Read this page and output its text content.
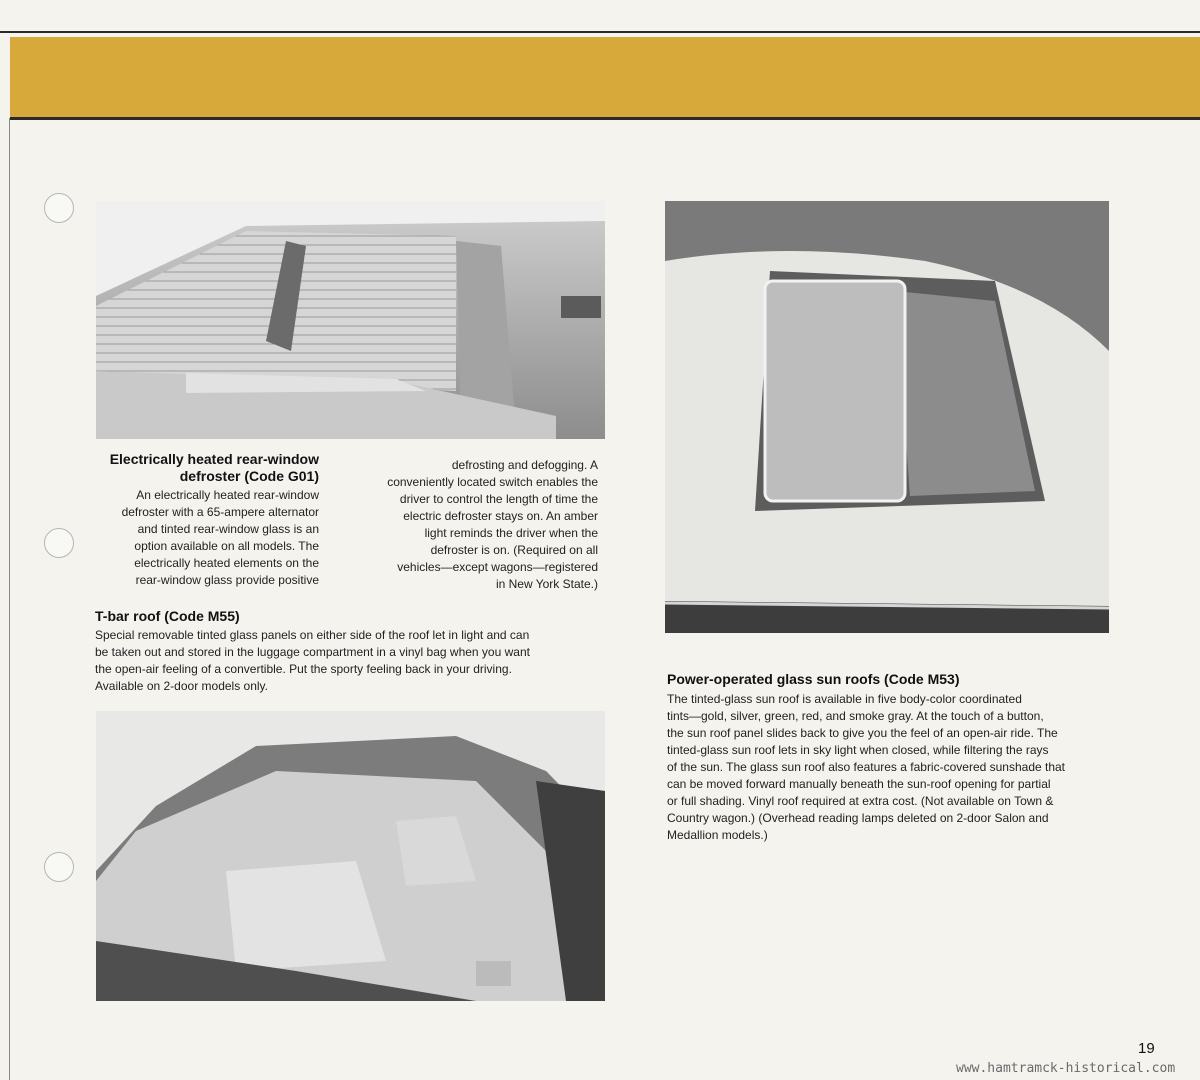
Electrically heated rear-window
defroster (Code G01)
An electrically heated rear-window
defroster with a 65-ampere alternator
and tinted rear-window glass is an
option available on all models. The
electrically heated elements on the
rear-window glass provide positive
defrosting and defogging. A
conveniently located switch enables the
driver to control the length of time the
electric defroster stays on. An amber
light reminds the driver when the
defroster is on. (Required on all
vehicles—except wagons—registered
in New York State.)
T-bar roof (Code M55)
Special removable tinted glass panels on either side of the roof let in light and can
be taken out and stored in the luggage compartment in a vinyl bag when you want
the open-air feeling of a convertible. Put the sporty feeling back in your driving.
Available on 2-door models only.	Power-operated glass sun roofs (Code M53)
The tinted-glass sun roof is available in five body-color coordinated
tints—gold, silver, green, red, and smoke gray. At the touch of a button,
the sun roof panel slides back to give you the feel of an open-air ride. The
tinted-glass sun roof lets in sky light when closed, while filtering the rays
of the sun. The glass sun roof also features a fabric-covered sunshade that
can be moved forward manually beneath the sun-roof opening for partial
or full shading. Vinyl roof required at extra cost. (Not available on Town &
Country wagon.) (Overhead reading lamps deleted on 2-door Salon and
Medallion models.)
19
www.hamtramck-historical.com
